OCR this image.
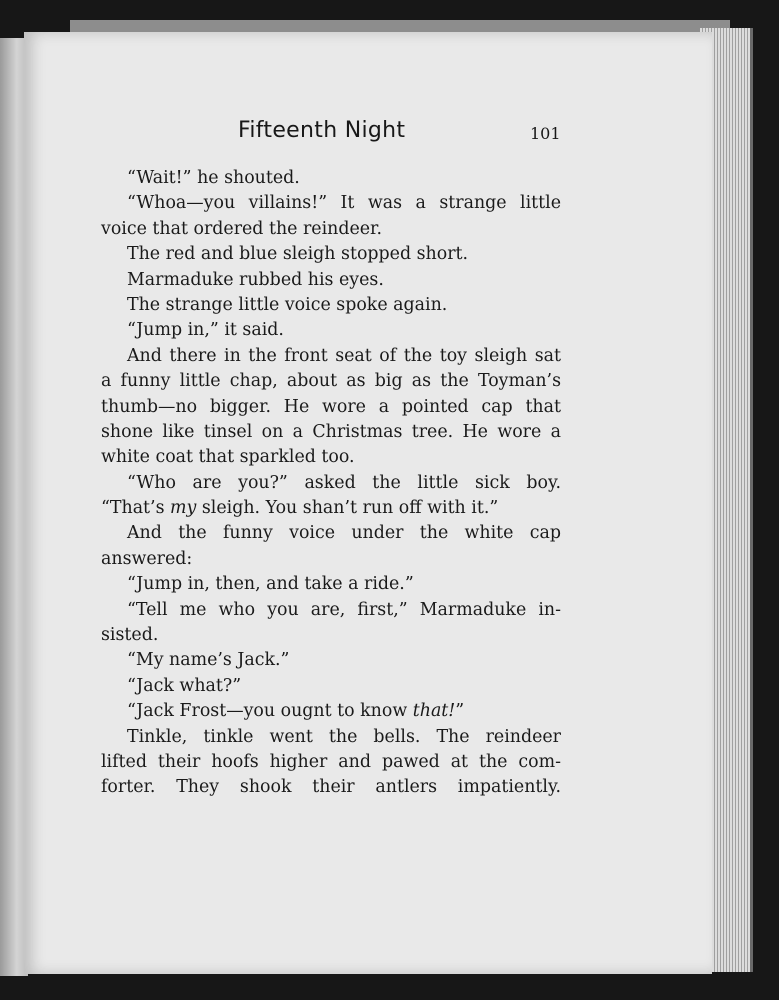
Fifteenth Night	101
“Wait!” he shouted.
“Whoa—you villains!” It was a strange little
voice that ordered the reindeer.
The red and blue sleigh stopped short.
Marmaduke rubbed his eyes.
The strange little voice spoke again.
“Jump in,” it said.
And there in the front seat of the toy sleigh sat
a funny little chap, about as big as the Toyman’s
thumb—no bigger. He wore a pointed cap that
shone like tinsel on a Christmas tree. He wore a
white coat that sparkled too.
“Who are you?” asked the little sick boy.
“That’s my sleigh. You shan’t run off with it.”
And the funny voice under the white cap
answered:
“Jump in, then, and take a ride.”
“Tell me who you are, first,” Marmaduke in-
sisted.
“My name’s Jack.”
“Jack what?”
“Jack Frost—you ougnt to know that!”
Tinkle, tinkle went the bells. The reindeer
lifted their hoofs higher and pawed at the com-
forter. They shook their antlers impatiently.
